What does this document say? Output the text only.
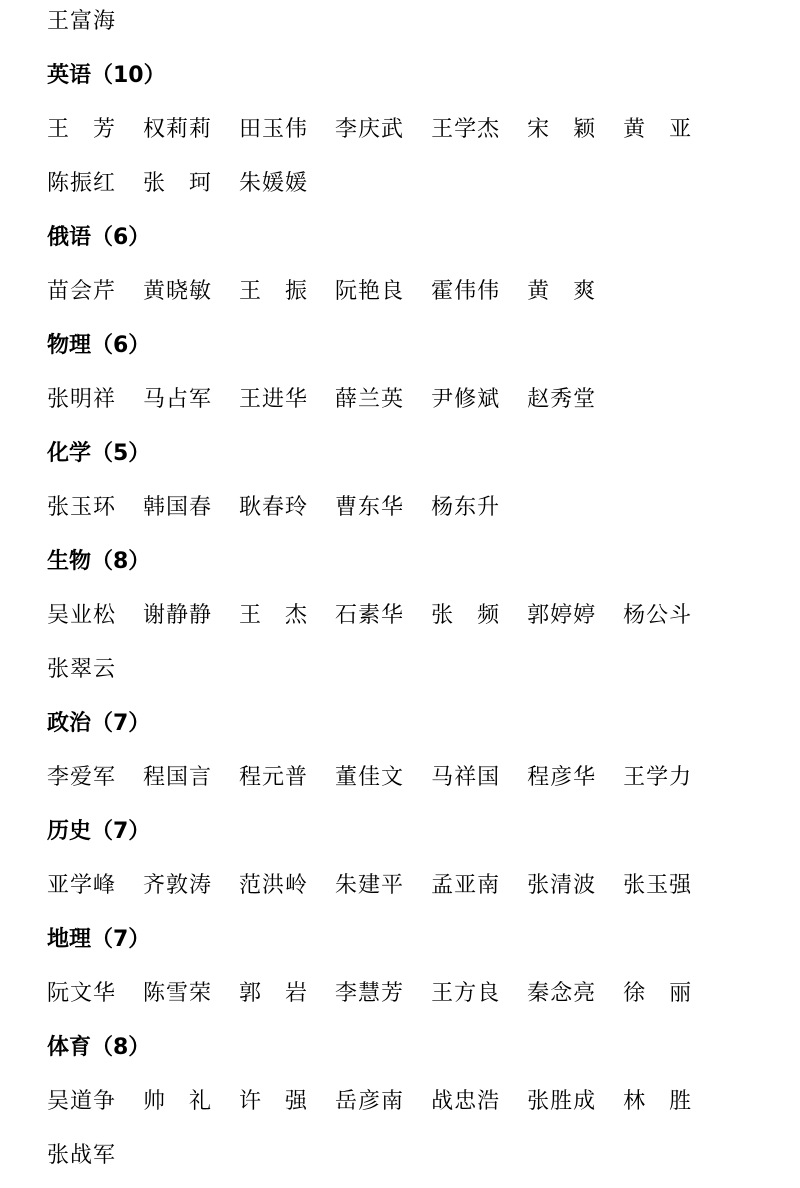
王富海
英语（10）
王　芳 权莉莉 田玉伟 李庆武 王学杰 宋　颖 黄　亚
陈振红 张　珂 朱媛媛
俄语（6）
苗会芹 黄晓敏 王　振 阮艳良 霍伟伟 黄　爽
物理（6）
张明祥 马占军 王进华 薛兰英 尹修斌 赵秀堂
化学（5）
张玉环 韩国春 耿春玲 曹东华 杨东升
生物（8）
吴业松 谢静静 王　杰 石素华 张　频 郭婷婷 杨公斗
张翠云
政治（7）
李爱军 程国言 程元普 董佳文 马祥国 程彦华 王学力
历史（7）
亚学峰 齐敦涛 范洪岭 朱建平 孟亚南 张清波 张玉强
地理（7）
阮文华 陈雪荣 郭　岩 李慧芳 王方良 秦念亮 徐　丽
体育（8）
吴道争 帅　礼 许　强 岳彦南 战忠浩 张胜成 林　胜
张战军
